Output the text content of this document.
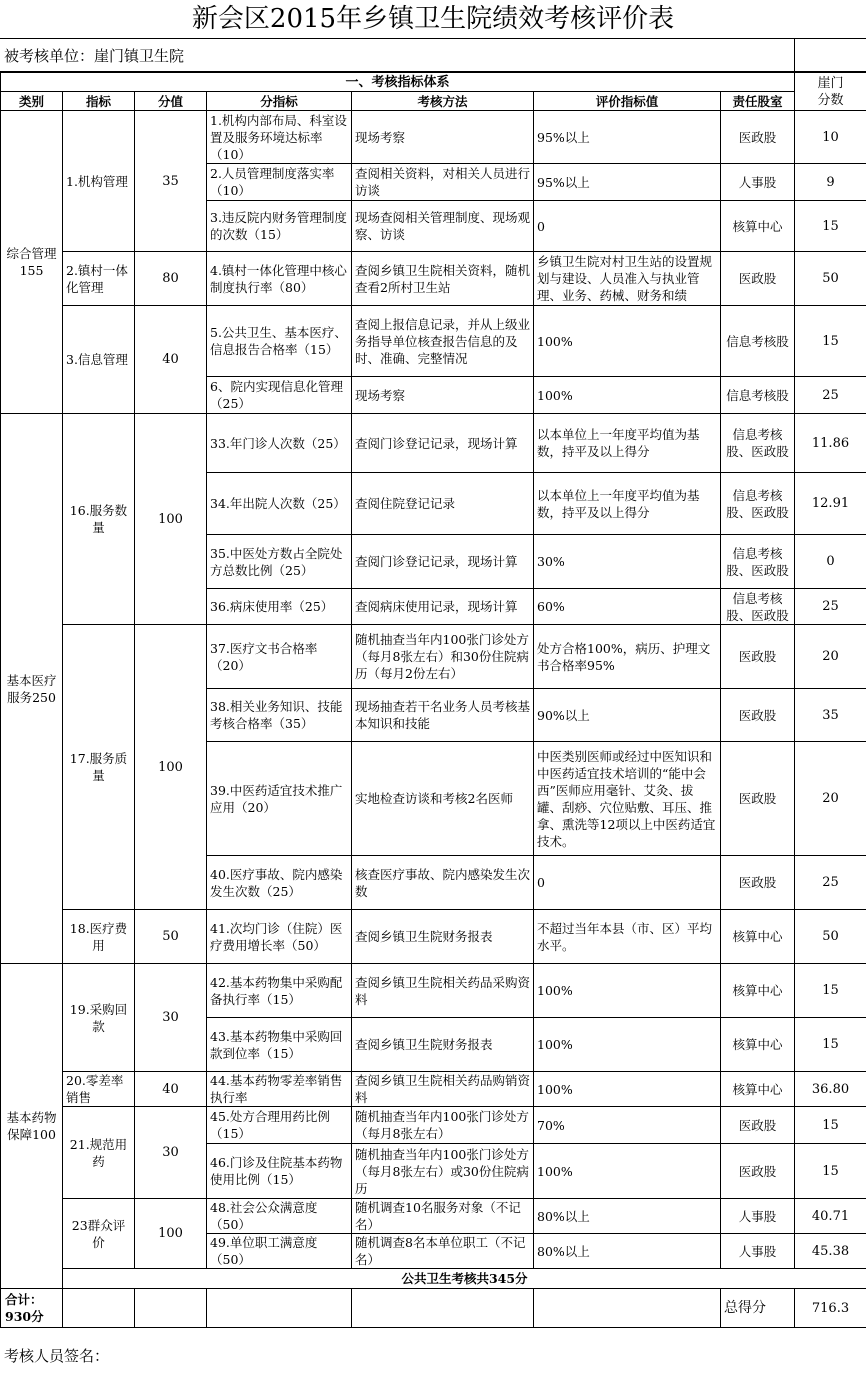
新会区2015年乡镇卫生院绩效考核评价表
被考核单位：崖门镇卫生院
一、考核指标体系							崖门
分数	

类别	指标	分值	分指标	考核方法	评价指标值	责任股室		
综合管理155	1.机构管理	35	1.机构内部布局、科室设置及服务环境达标率（10）	现场考察	95%以上	医政股	10	
			2.人员管理制度落实率（10）	查阅相关资料，对相关人员进行访谈	95%以上	人事股	9	
			3.违反院内财务管理制度的次数（15）	现场查阅相关管理制度、现场观察、访谈	0	核算中心	15	
	2.镇村一体化管理	80	4.镇村一体化管理中核心制度执行率（80）	查阅乡镇卫生院相关资料，随机查看2所村卫生站	乡镇卫生院对村卫生站的设置规划与建设、人员准入与执业管理、业务、药械、财务和绩	医政股	50	
	3.信息管理	40	5.公共卫生、基本医疗、信息报告合格率（15）	查阅上报信息记录，并从上级业务指导单位核查报告信息的及时、准确、完整情况	100%	信息考核股	15	
			6、院内实现信息化管理（25）	现场考察	100%	信息考核股	25	
基本医疗服务250	16.服务数量	100	33.年门诊人次数（25）	查阅门诊登记记录，现场计算	以本单位上一年度平均值为基数，持平及以上得分	信息考核股、医政股	11.86	
			34.年出院人次数（25）	查阅住院登记记录	以本单位上一年度平均值为基数，持平及以上得分	信息考核股、医政股	12.91	
			35.中医处方数占全院处方总数比例（25）	查阅门诊登记记录，现场计算	30%	信息考核股、医政股	0	
			36.病床使用率（25）	查阅病床使用记录，现场计算	60%	信息考核股、医政股	25	
	17.服务质量	100	37.医疗文书合格率（20）	随机抽查当年内100张门诊处方（每月8张左右）和30份住院病历（每月2份左右）	处方合格100%，病历、护理文书合格率95%	医政股	20	
			38.相关业务知识、技能考核合格率（35）	现场抽查若干名业务人员考核基本知识和技能	90%以上	医政股	35	
			39.中医药适宜技术推广应用（20）	实地检查访谈和考核2名医师	中医类别医师或经过中医知识和中医药适宜技术培训的“能中会西”医师应用毫针、艾灸、拔罐、刮痧、穴位贴敷、耳压、推拿、熏洗等12项以上中医药适宜技术。	医政股	20	
			40.医疗事故、院内感染发生次数（25）	核查医疗事故、院内感染发生次数	0	医政股	25	
	18.医疗费用	50	41.次均门诊（住院）医疗费用增长率（50）	查阅乡镇卫生院财务报表	不超过当年本县（市、区）平均水平。	核算中心	50	
基本药物保障100	19.采购回款	30	42.基本药物集中采购配备执行率（15）	查阅乡镇卫生院相关药品采购资料	100%	核算中心	15	
			43.基本药物集中采购回款到位率（15）	查阅乡镇卫生院财务报表	100%	核算中心	15	
	20.零差率销售	40	44.基本药物零差率销售执行率	查阅乡镇卫生院相关药品购销资料	100%	核算中心	36.80	
	21.规范用药	30	45.处方合理用药比例（15）	随机抽查当年内100张门诊处方（每月8张左右）	70%	医政股	15	
			46.门诊及住院基本药物使用比例（15）	随机抽查当年内100张门诊处方（每月8张左右）或30份住院病历	100%	医政股	15	
	23群众评价	100	48.社会公众满意度（50）	随机调查10名服务对象（不记名）	80%以上	人事股	40.71	
			49.单位职工满意度（50）	随机调查8名本单位职工（不记名）	80%以上	人事股	45.38	
	公共卫生考核共345分	
合计：930分						总得分	716.3	
考核人员签名：
